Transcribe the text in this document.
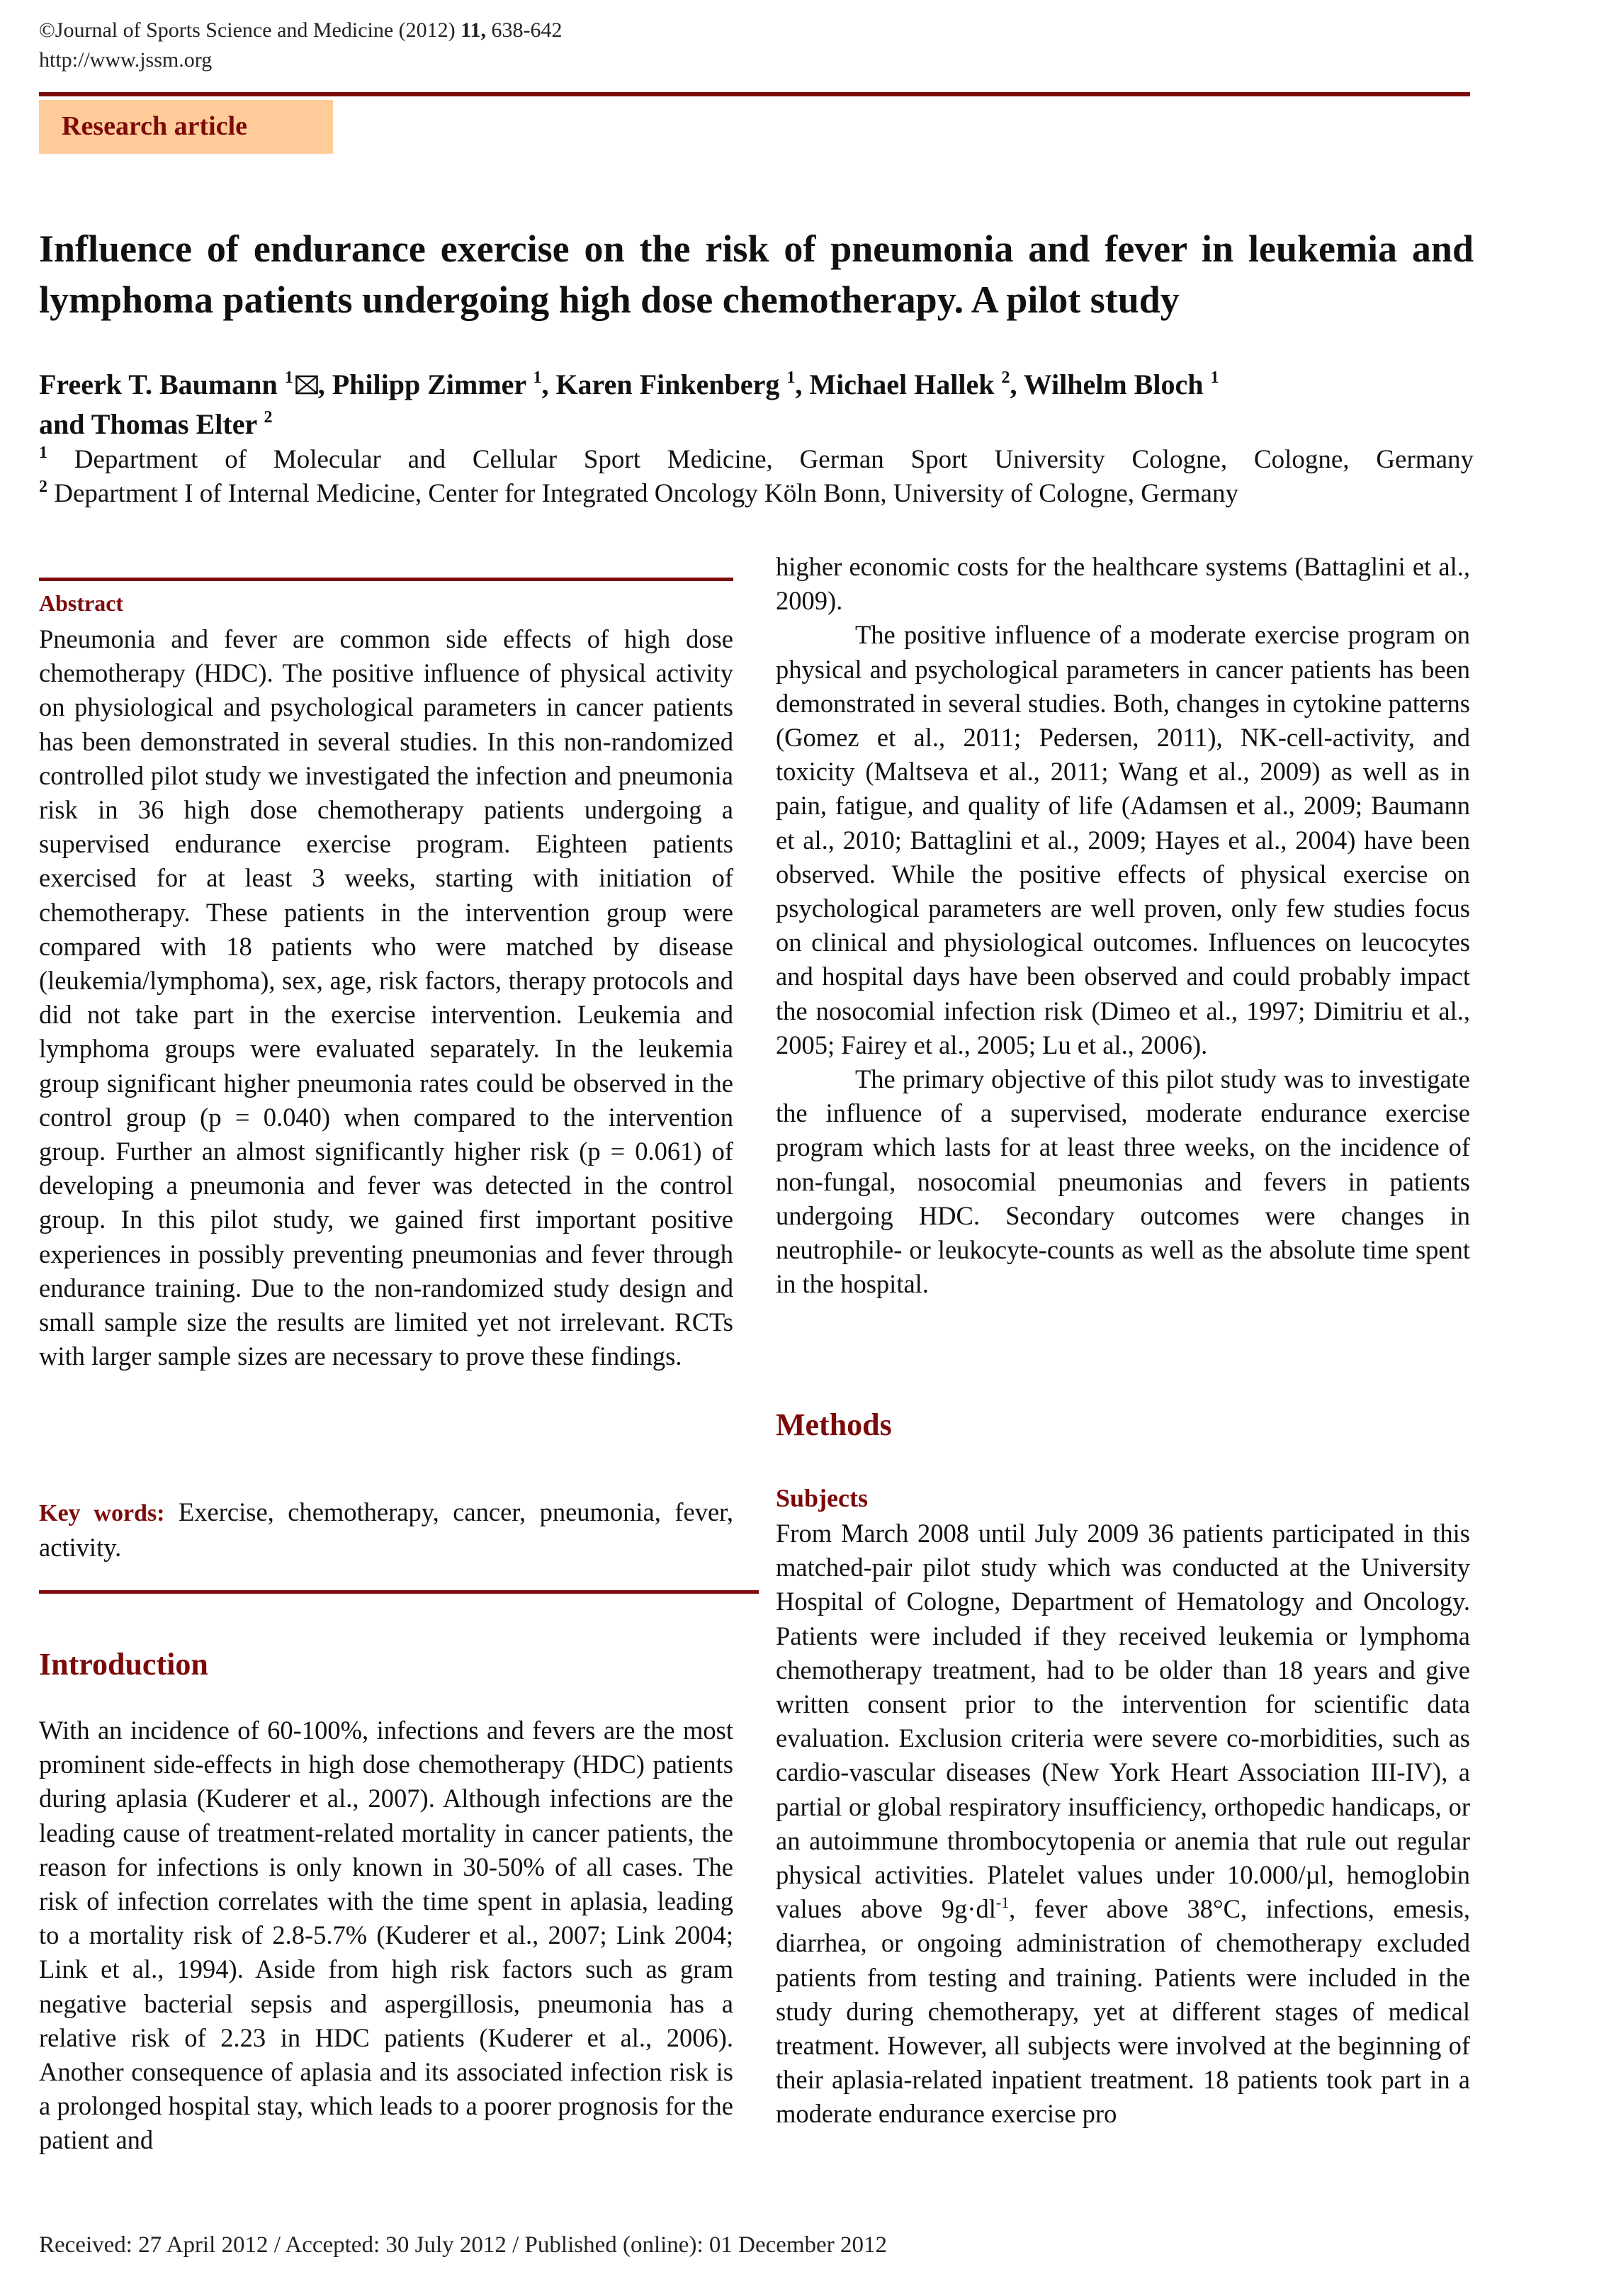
©Journal of Sports Science and Medicine (2012) 11, 638-642
http://www.jssm.org
Research article
Influence of endurance exercise on the risk of pneumonia and fever in leukemia and lymphoma patients undergoing high dose chemotherapy. A pilot study
Freerk T. Baumann $^1$ , Philipp Zimmer $^1$, Karen Finkenberg $^1$, Michael Hallek $^2$, Wilhelm Bloch $^1$
and Thomas Elter $^2$
$^1$ Department of Molecular and Cellular Sport Medicine, German Sport University Cologne, Cologne, Germany
$^2$ Department I of Internal Medicine, Center for Integrated Oncology Köln Bonn, University of Cologne, Germany
Abstract

Pneumonia and fever are common side effects of high dose chemotherapy (HDC). The positive influence of physical activity on physiological and psychological parameters in cancer patients has been demonstrated in several studies. In this non-randomized controlled pilot study we investigated the infection and pneumonia risk in 36 high dose chemotherapy patients undergoing a supervised endurance exercise program. Eighteen patients exercised for at least 3 weeks, starting with initiation of chemotherapy. These patients in the intervention group were compared with 18 patients who were matched by disease (leukemia/lymphoma), sex, age, risk factors, therapy protocols and did not take part in the exercise intervention. Leukemia and lymphoma groups were evaluated separately. In the leukemia group significant higher pneumonia rates could be observed in the control group (p = 0.040) when compared to the intervention group. Further an almost significantly higher risk (p = 0.061) of developing a pneumonia and fever was detected in the control group. In this pilot study, we gained first important positive experiences in possibly preventing pneumonias and fever through endurance training. Due to the non-randomized study design and small sample size the results are limited yet not irrelevant. RCTs with larger sample sizes are necessary to prove these findings.

Key words: Exercise, chemotherapy, cancer, pneumonia, fever, activity.

Introduction

With an incidence of 60-100%, infections and fevers are the most prominent side-effects in high dose chemotherapy (HDC) patients during aplasia (Kuderer et al., 2007). Although infections are the leading cause of treatment-related mortality in cancer patients, the reason for infections is only known in 30-50% of all cases. The risk of infection correlates with the time spent in aplasia, leading to a mortality risk of 2.8-5.7% (Kuderer et al., 2007; Link 2004; Link et al., 1994). Aside from high risk factors such as gram negative bacterial sepsis and aspergillosis, pneumonia has a relative risk of 2.23 in HDC patients (Kuderer et al., 2006). Another consequence of aplasia and its associated infection risk is a prolonged hospital stay, which leads to a poorer prognosis for the patient and

higher economic costs for the healthcare systems (Battaglini et al., 2009).

The positive influence of a moderate exercise program on physical and psychological parameters in cancer patients has been demonstrated in several studies. Both, changes in cytokine patterns (Gomez et al., 2011; Pedersen, 2011), NK-cell-activity, and toxicity (Maltseva et al., 2011; Wang et al., 2009) as well as in pain, fatigue, and quality of life (Adamsen et al., 2009; Baumann et al., 2010; Battaglini et al., 2009; Hayes et al., 2004) have been observed. While the positive effects of physical exercise on psychological parameters are well proven, only few studies focus on clinical and physiological outcomes. Influences on leucocytes and hospital days have been observed and could probably impact the nosocomial infection risk (Dimeo et al., 1997; Dimitriu et al., 2005; Fairey et al., 2005; Lu et al., 2006).

The primary objective of this pilot study was to investigate the influence of a supervised, moderate endurance exercise program which lasts for at least three weeks, on the incidence of non-fungal, nosocomial pneumonias and fevers in patients undergoing HDC. Secondary outcomes were changes in neutrophile- or leukocyte-counts as well as the absolute time spent in the hospital.

Methods
Subjects

From March 2008 until July 2009 36 patients participated in this matched-pair pilot study which was conducted at the University Hospital of Cologne, Department of Hematology and Oncology. Patients were included if they received leukemia or lymphoma chemotherapy treatment, had to be older than 18 years and give written consent prior to the intervention for scientific data evaluation. Exclusion criteria were severe co-morbidities, such as cardio-vascular diseases (New York Heart Association III-IV), a partial or global respiratory insufficiency, orthopedic handicaps, or an autoimmune thrombocytopenia or anemia that rule out regular physical activities. Platelet values under 10.000/µl, hemoglobin values above $9g\cdot dl^{-1}$, fever above 38°C, infections, emesis, diarrhea, or ongoing administration of chemotherapy excluded patients from testing and training. Patients were included in the study during chemotherapy, yet at different stages of medical treatment. However, all subjects were involved at the beginning of their aplasia-related inpatient treatment. 18 patients took part in a moderate endurance exercise pro

Received: 27 April 2012 / Accepted: 30 July 2012 / Published (online): 01 December 2012
